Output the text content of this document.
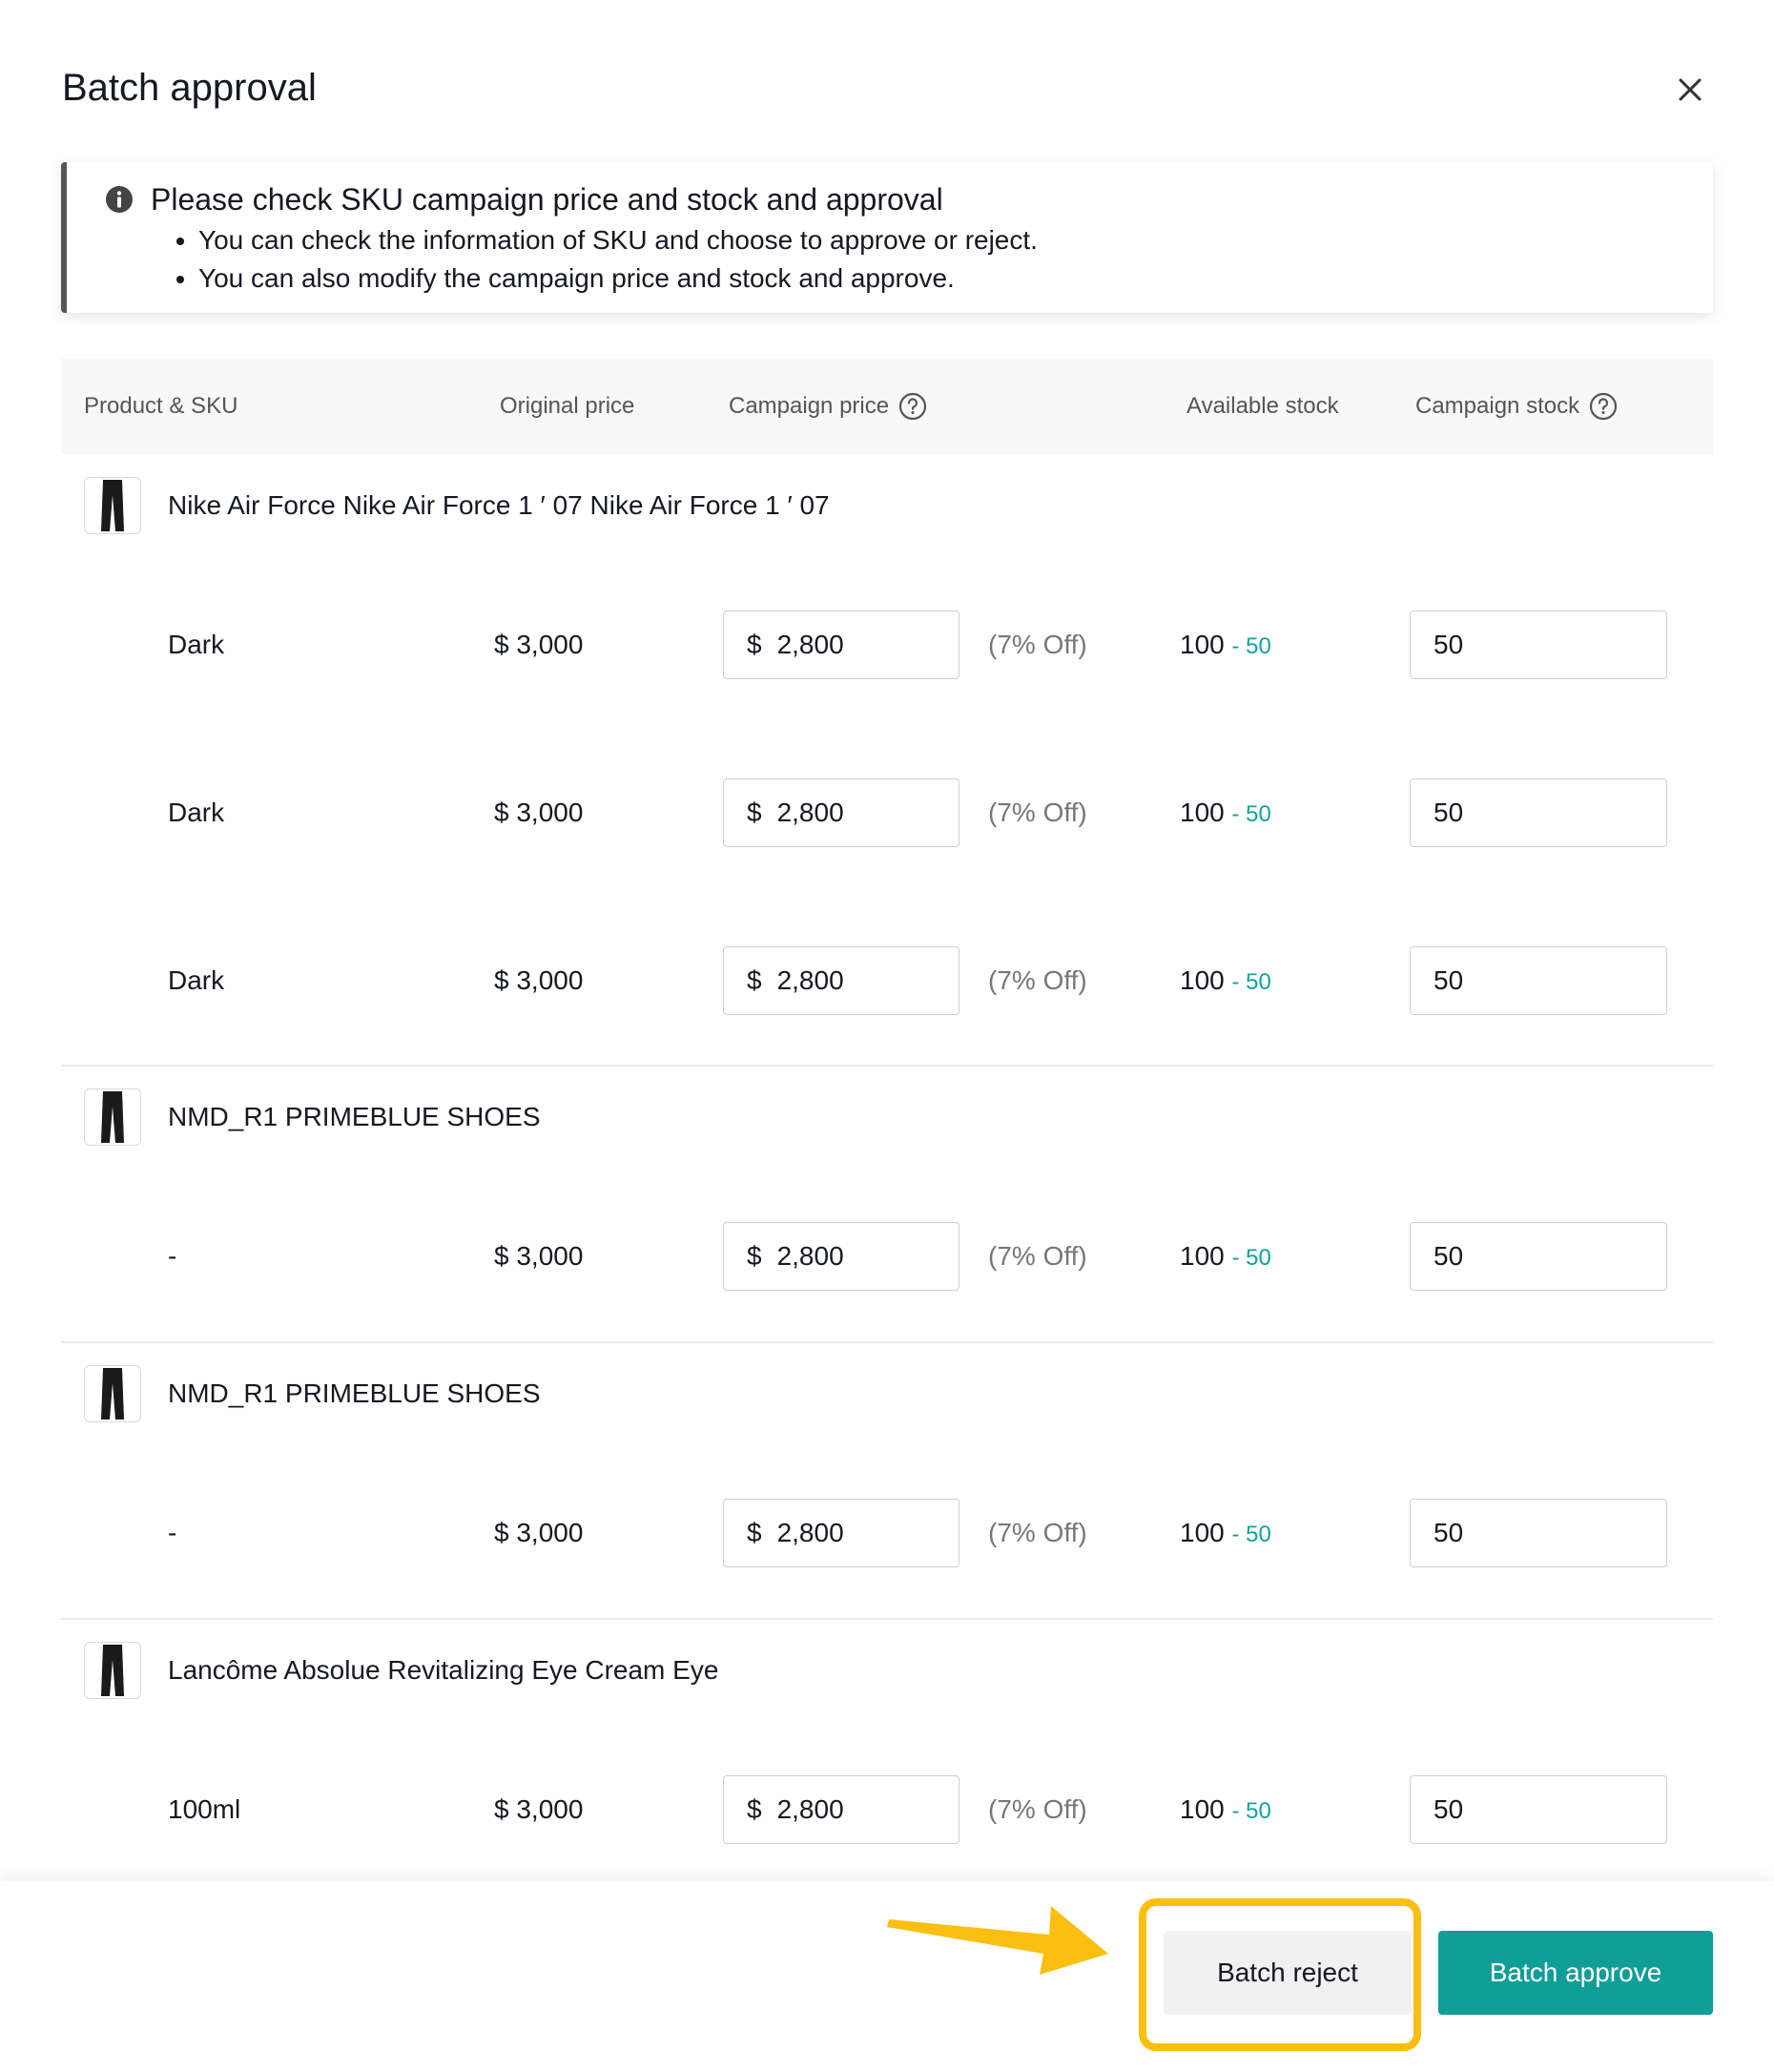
Batch approval
Please check SKU campaign price and stock and approval
• You can check the information of SKU and choose to approve or reject.
• You can also modify the campaign price and stock and approve.
Product & SKU	Original price	Campaign price	Available stock	Campaign stock
Nike Air Force Nike Air Force 1 ′ 07 Nike Air Force 1 ′ 07
Dark	$ 3,000	$ 2,800	(7% Off)	100 - 50	50
Dark	$ 3,000	$ 2,800	(7% Off)	100 - 50	50
Dark	$ 3,000	$ 2,800	(7% Off)	100 - 50	50
NMD_R1 PRIMEBLUE SHOES
-	$ 3,000	$ 2,800	(7% Off)	100 - 50	50
NMD_R1 PRIMEBLUE SHOES
-	$ 3,000	$ 2,800	(7% Off)	100 - 50	50
Lancôme Absolue Revitalizing Eye Cream Eye
100ml	$ 3,000	$ 2,800	(7% Off)	100 - 50	50
Batch reject	Batch approve
